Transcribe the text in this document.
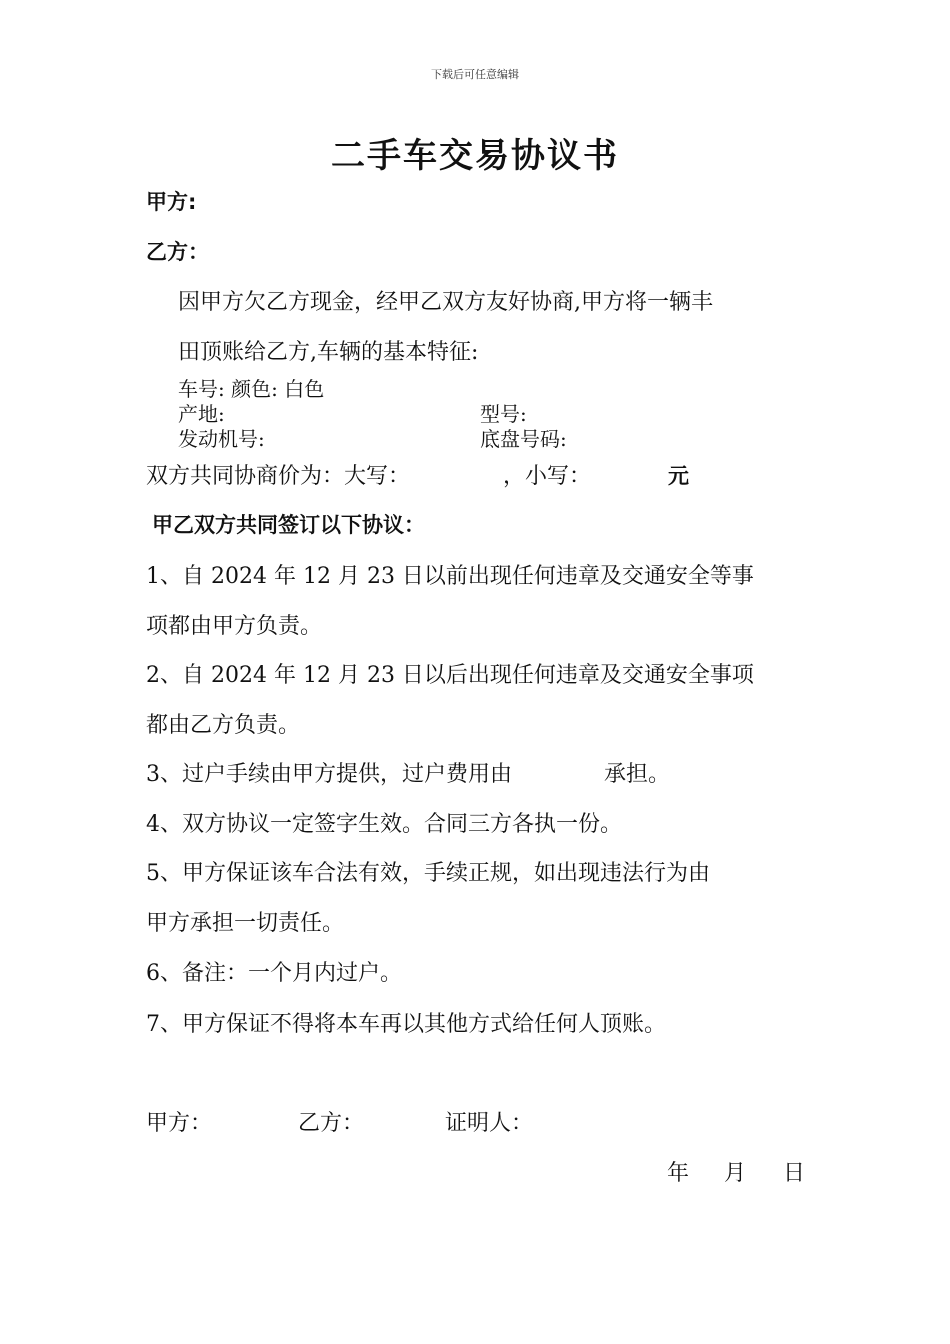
下载后可任意编辑
二手车交易协议书
甲方:
乙方：
因甲方欠乙方现金，经甲乙双方友好协商,甲方将一辆丰
田顶账给乙方,车辆的基本特征:
车号: 颜色: 白色
产地:	型号:
发动机号:	底盘号码:
双方共同协商价为：大写：	，小写：	元
甲乙双方共同签订以下协议：
1、自 2024 年 12 月 23 日以前出现任何违章及交通安全等事
项都由甲方负责。
2、自 2024 年 12 月 23 日以后出现任何违章及交通安全事项
都由乙方负责。
3、过户手续由甲方提供，过户费用由	承担。
4、双方协议一定签字生效。合同三方各执一份。
5、甲方保证该车合法有效，手续正规，如出现违法行为由
甲方承担一切责任。
6、备注：一个月内过户。
7、甲方保证不得将本车再以其他方式给任何人顶账。
甲方：	乙方：	证明人：
年 月 日
